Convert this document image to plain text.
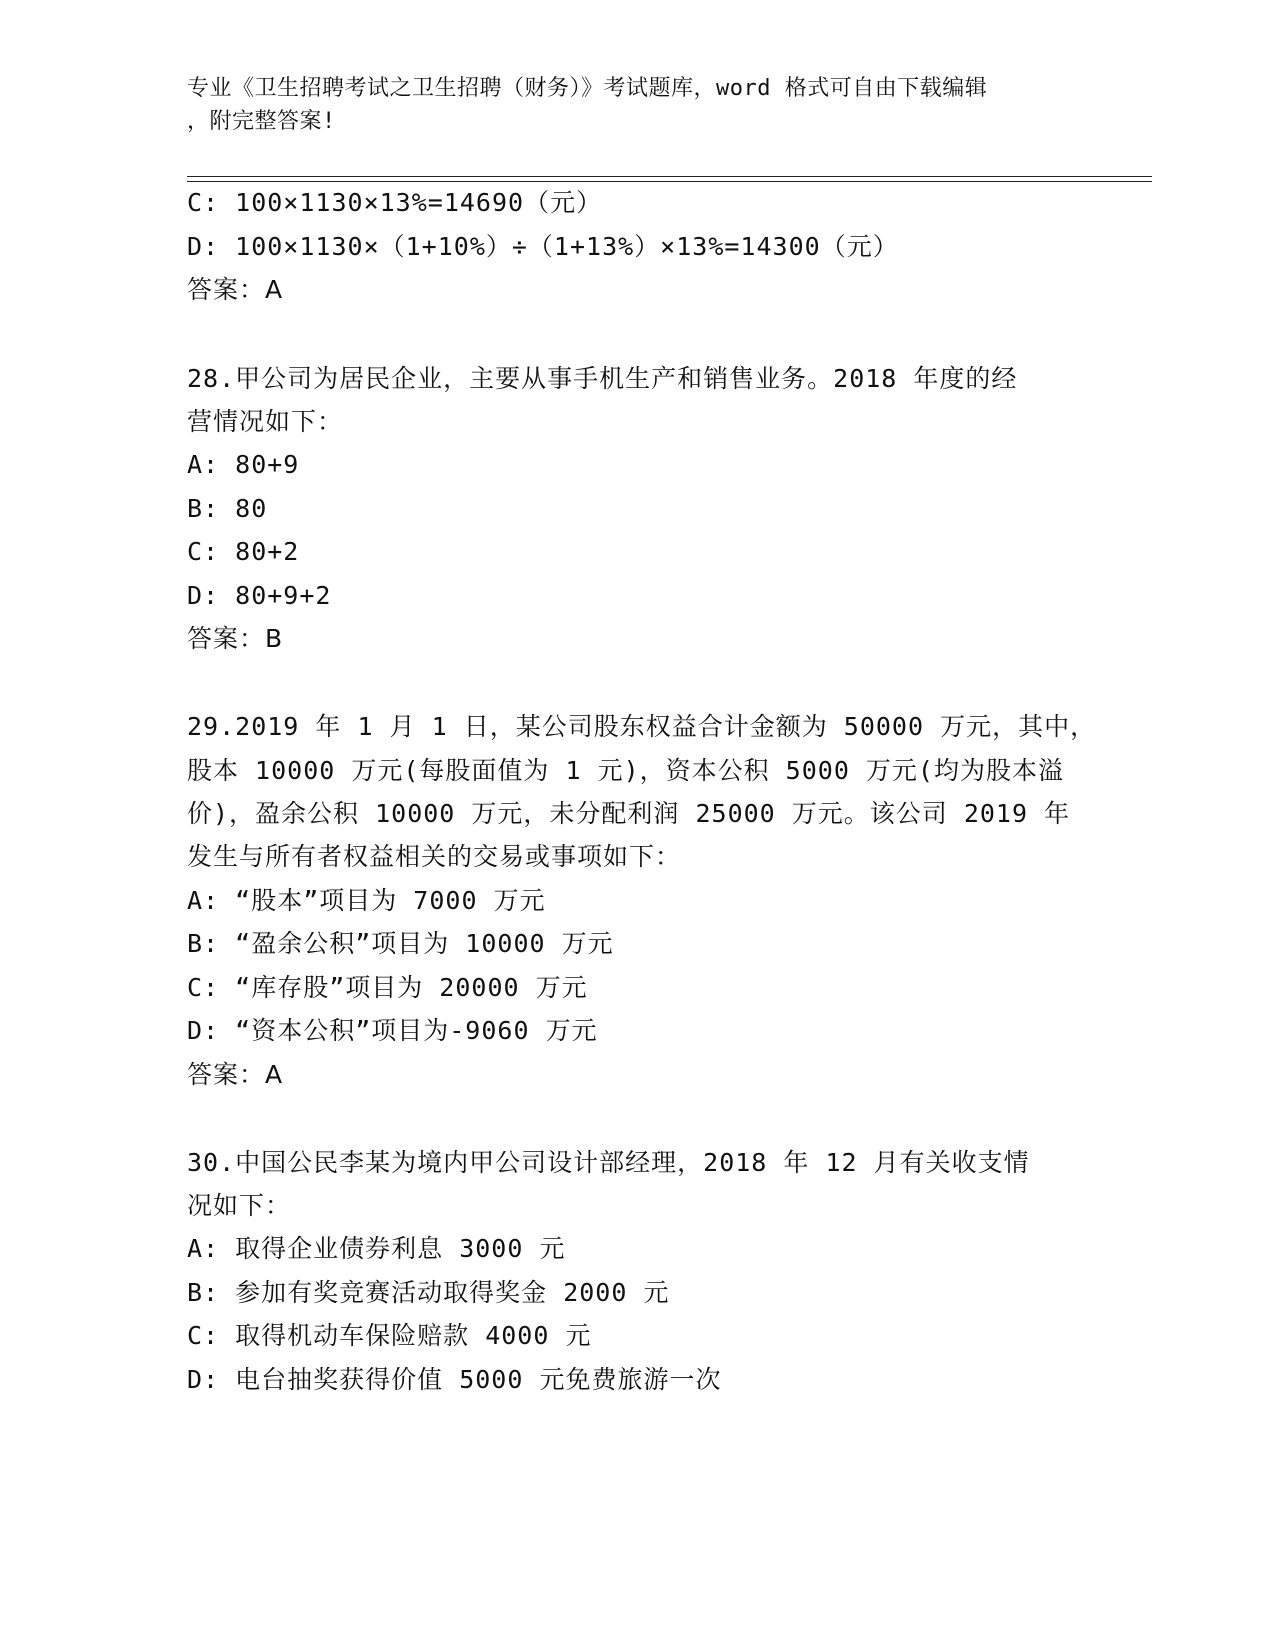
专业《卫生招聘考试之卫生招聘（财务）》考试题库，word 格式可自由下载编辑
，附完整答案!
C: 100×1130×13%=14690（元）
D: 100×1130×（1+10%）÷（1+13%）×13%=14300（元）
答案：A
28.甲公司为居民企业，主要从事手机生产和销售业务。2018 年度的经
营情况如下：
A: 80+9
B: 80
C: 80+2
D: 80+9+2
答案：B
29.2019 年 1 月 1 日，某公司股东权益合计金额为 50000 万元，其中，
股本 10000 万元(每股面值为 1 元)，资本公积 5000 万元(均为股本溢
价)，盈余公积 10000 万元，未分配利润 25000 万元。该公司 2019 年
发生与所有者权益相关的交易或事项如下：
A: “股本”项目为 7000 万元
B: “盈余公积”项目为 10000 万元
C: “库存股”项目为 20000 万元
D: “资本公积”项目为-9060 万元
答案：A
30.中国公民李某为境内甲公司设计部经理，2018 年 12 月有关收支情
况如下：
A: 取得企业债券利息 3000 元
B: 参加有奖竞赛活动取得奖金 2000 元
C: 取得机动车保险赔款 4000 元
D: 电台抽奖获得价值 5000 元免费旅游一次
